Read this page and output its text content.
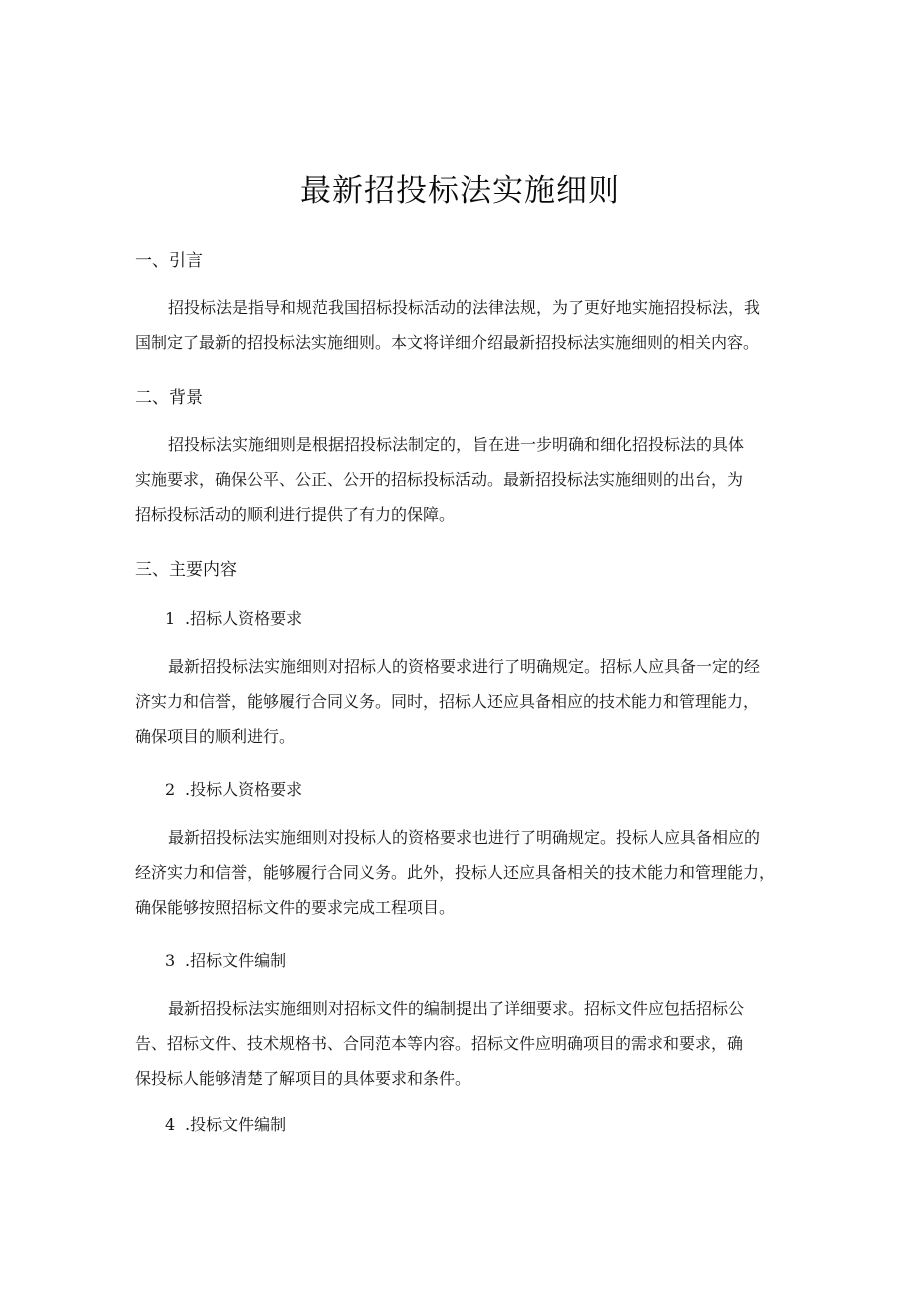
最新招投标法实施细则
一、引言

招投标法是指导和规范我国招标投标活动的法律法规，为了更好地实施招投标法，我
国制定了最新的招投标法实施细则。本文将详细介绍最新招投标法实施细则的相关内容。

二、背景

招投标法实施细则是根据招投标法制定的，旨在进一步明确和细化招投标法的具体
实施要求，确保公平、公正、公开的招标投标活动。最新招投标法实施细则的出台，为
招标投标活动的顺利进行提供了有力的保障。

三、主要内容
1 .招标人资格要求

最新招投标法实施细则对招标人的资格要求进行了明确规定。招标人应具备一定的经
济实力和信誉，能够履行合同义务。同时，招标人还应具备相应的技术能力和管理能力，
确保项目的顺利进行。

2 .投标人资格要求

最新招投标法实施细则对投标人的资格要求也进行了明确规定。投标人应具备相应的
经济实力和信誉，能够履行合同义务。此外，投标人还应具备相关的技术能力和管理能力，
确保能够按照招标文件的要求完成工程项目。

3 .招标文件编制

最新招投标法实施细则对招标文件的编制提出了详细要求。招标文件应包括招标公
告、招标文件、技术规格书、合同范本等内容。招标文件应明确项目的需求和要求，确
保投标人能够清楚了解项目的具体要求和条件。

4 .投标文件编制
